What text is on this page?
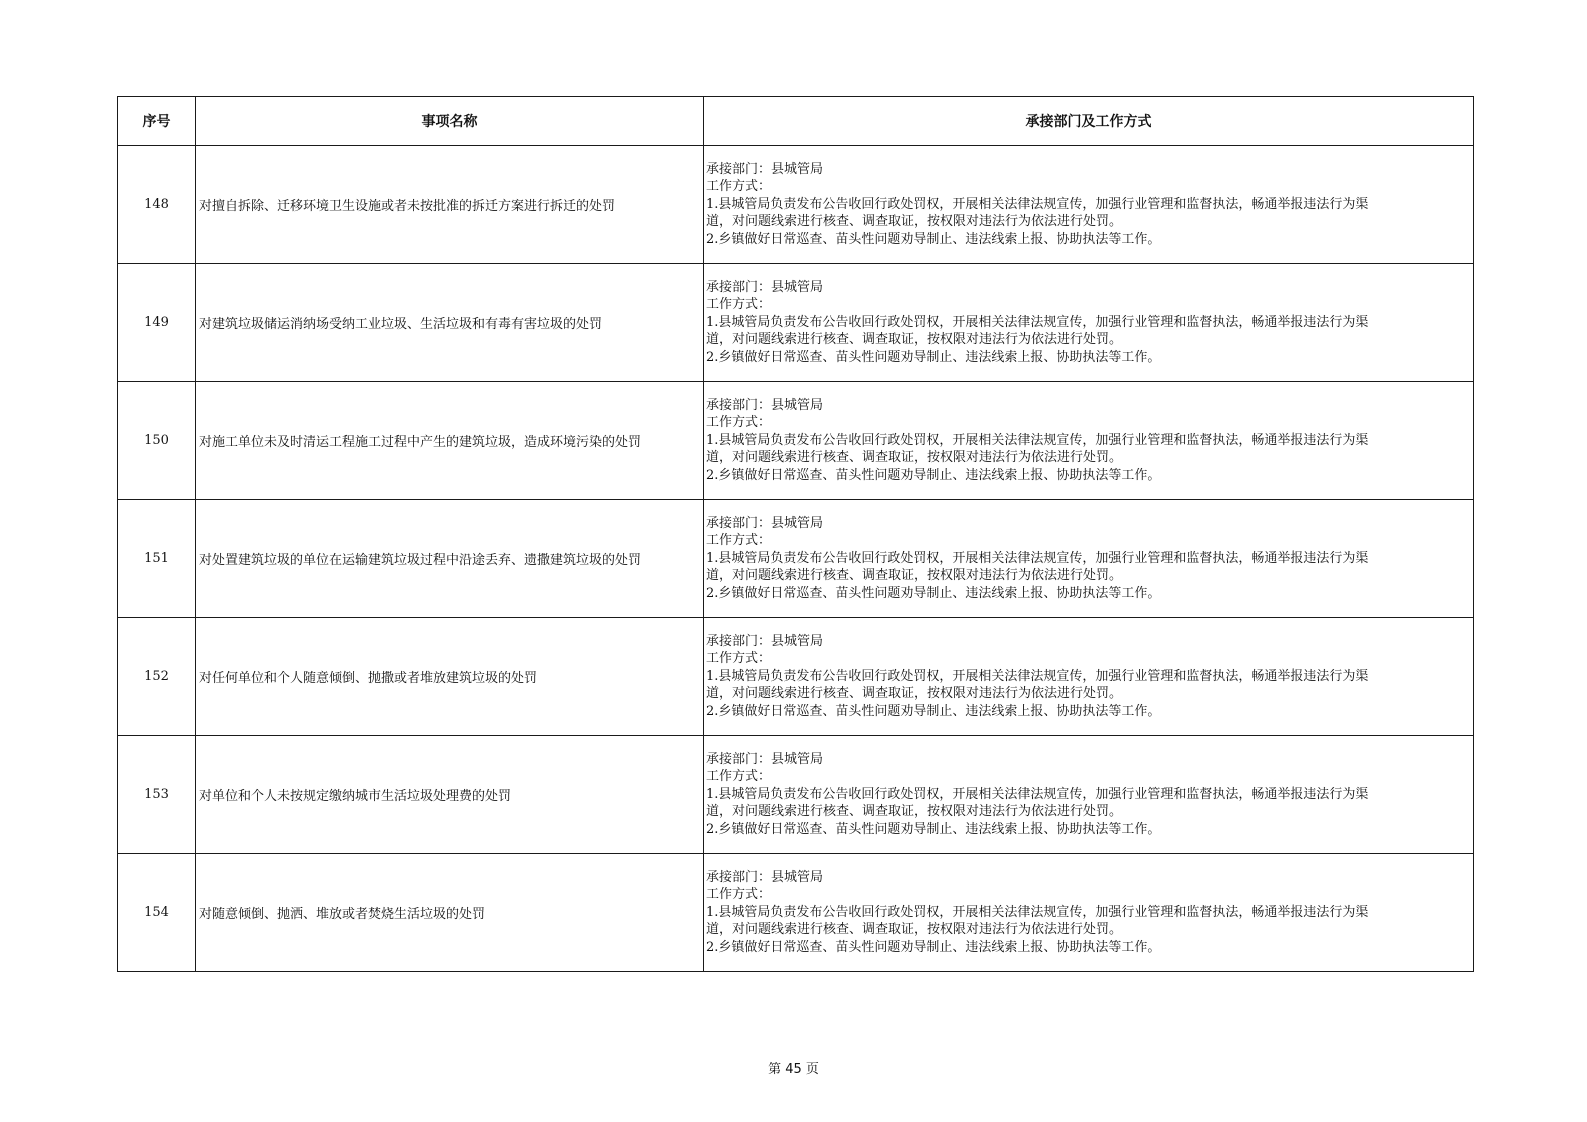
序号	事项名称	承接部门及工作方式
148	对擅自拆除、迁移环境卫生设施或者未按批准的拆迁方案进行拆迁的处罚	承接部门：县城管局
工作方式：
1.县城管局负责发布公告收回行政处罚权，开展相关法律法规宣传，加强行业管理和监督执法，畅通举报违法行为渠
道，对问题线索进行核查、调查取证，按权限对违法行为依法进行处罚。
2.乡镇做好日常巡查、苗头性问题劝导制止、违法线索上报、协助执法等工作。

149	对建筑垃圾储运消纳场受纳工业垃圾、生活垃圾和有毒有害垃圾的处罚	承接部门：县城管局
工作方式：
1.县城管局负责发布公告收回行政处罚权，开展相关法律法规宣传，加强行业管理和监督执法，畅通举报违法行为渠
道，对问题线索进行核查、调查取证，按权限对违法行为依法进行处罚。
2.乡镇做好日常巡查、苗头性问题劝导制止、违法线索上报、协助执法等工作。

150	对施工单位未及时清运工程施工过程中产生的建筑垃圾，造成环境污染的处罚	承接部门：县城管局
工作方式：
1.县城管局负责发布公告收回行政处罚权，开展相关法律法规宣传，加强行业管理和监督执法，畅通举报违法行为渠
道，对问题线索进行核查、调查取证，按权限对违法行为依法进行处罚。
2.乡镇做好日常巡查、苗头性问题劝导制止、违法线索上报、协助执法等工作。

151	对处置建筑垃圾的单位在运输建筑垃圾过程中沿途丢弃、遗撒建筑垃圾的处罚	承接部门：县城管局
工作方式：
1.县城管局负责发布公告收回行政处罚权，开展相关法律法规宣传，加强行业管理和监督执法，畅通举报违法行为渠
道，对问题线索进行核查、调查取证，按权限对违法行为依法进行处罚。
2.乡镇做好日常巡查、苗头性问题劝导制止、违法线索上报、协助执法等工作。

152	对任何单位和个人随意倾倒、抛撒或者堆放建筑垃圾的处罚	承接部门：县城管局
工作方式：
1.县城管局负责发布公告收回行政处罚权，开展相关法律法规宣传，加强行业管理和监督执法，畅通举报违法行为渠
道，对问题线索进行核查、调查取证，按权限对违法行为依法进行处罚。
2.乡镇做好日常巡查、苗头性问题劝导制止、违法线索上报、协助执法等工作。

153	对单位和个人未按规定缴纳城市生活垃圾处理费的处罚	承接部门：县城管局
工作方式：
1.县城管局负责发布公告收回行政处罚权，开展相关法律法规宣传，加强行业管理和监督执法，畅通举报违法行为渠
道，对问题线索进行核查、调查取证，按权限对违法行为依法进行处罚。
2.乡镇做好日常巡查、苗头性问题劝导制止、违法线索上报、协助执法等工作。

154	对随意倾倒、抛洒、堆放或者焚烧生活垃圾的处罚	承接部门：县城管局
工作方式：
1.县城管局负责发布公告收回行政处罚权，开展相关法律法规宣传，加强行业管理和监督执法，畅通举报违法行为渠
道，对问题线索进行核查、调查取证，按权限对违法行为依法进行处罚。
2.乡镇做好日常巡查、苗头性问题劝导制止、违法线索上报、协助执法等工作。
第 45 页
